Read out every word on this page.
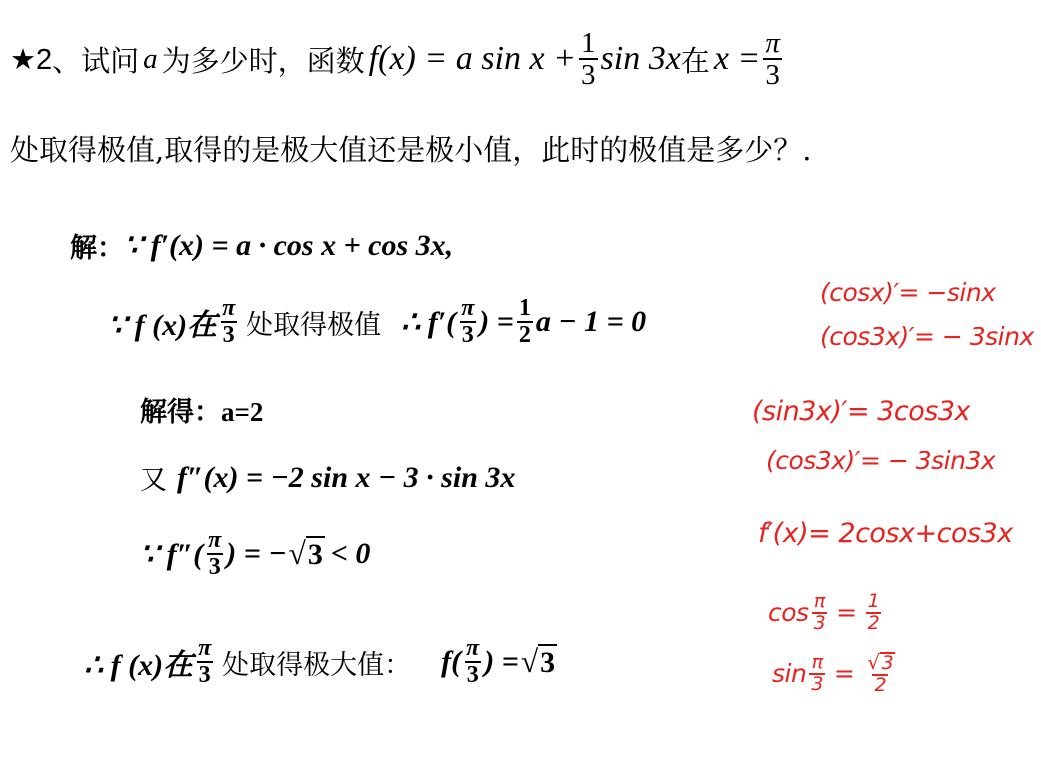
★2 、试问 a 为多少时，函数 f(x) = a $\sin x + \frac{1}{3}$ sin 3x 在 $x = \frac{\pi}{3}$
处取得极值,取得的是极大值还是极小值，此时的极值是多少？.
解： ∵ f′(x) = a · cos x + cos 3x,
∵ f (x)在 $\frac{\pi}{3}$ 处取得极值 ∴ $f'( \frac{\pi}{3}$ ) = $\frac{1}{2}$ a − 1 = 0
解得：a=2
又 f″(x) = −2 sin x − 3 · sin 3x
∵ $f''( \frac{\pi}{3}$ ) = − √ 3 < 0
∴ f (x)在 $\frac{\pi}{3}$ 处取得极大值： $f( \frac{\pi}{3}$ ) = √ 3
(cosx)′= −sinx
(cos3x)′= − 3sinx
(sin3x)′= 3cos3x
(cos3x)′= − 3sin3x
f′(x)= 2cosx+cos3x
$\cos \frac{\pi}{3} = \frac{1}{2}$
$\sin \frac{\pi}{3} = \frac{√ 3}{2}$
